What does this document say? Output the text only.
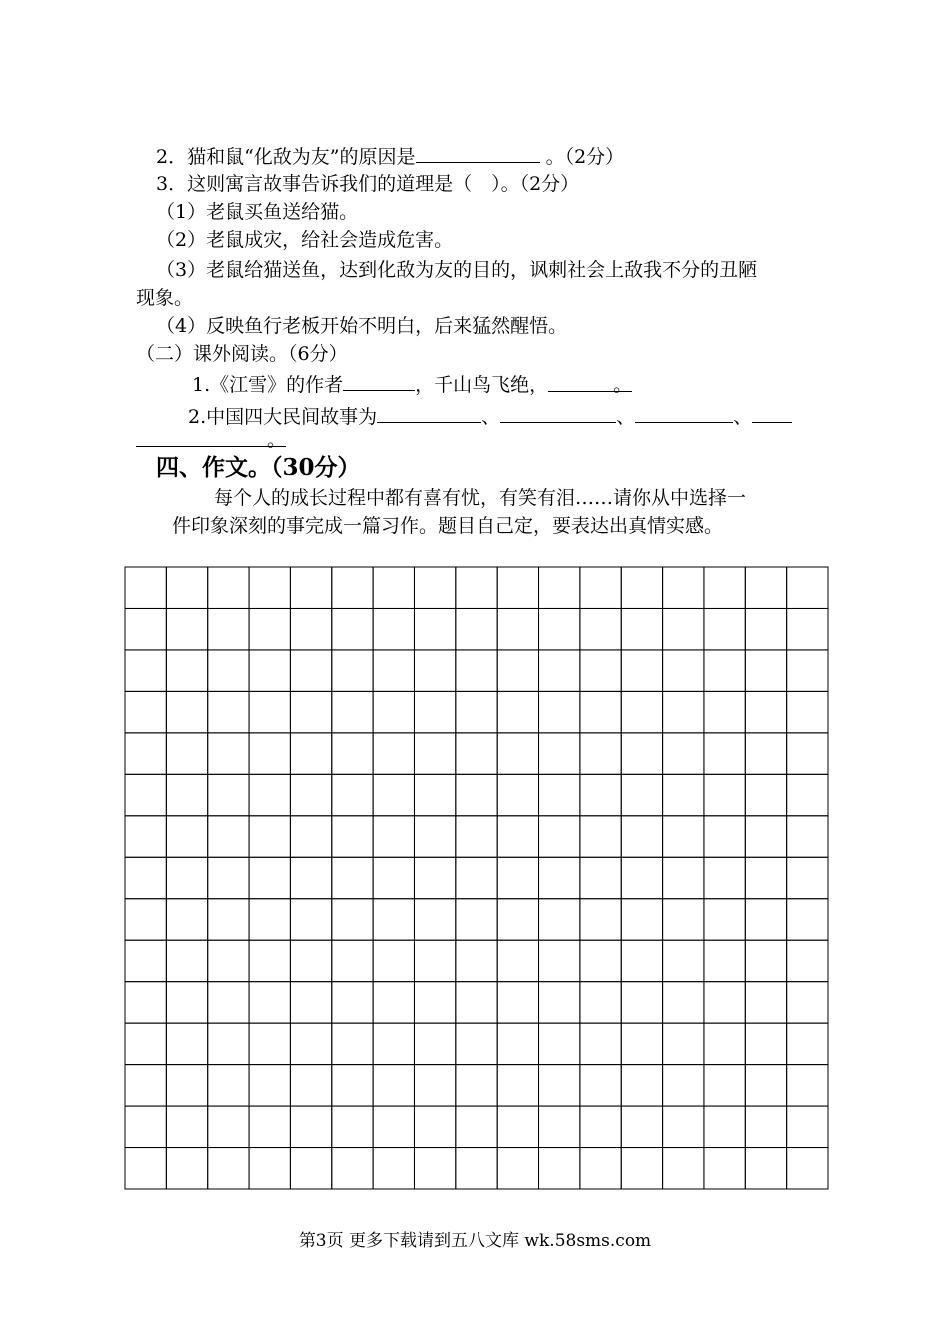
2．猫和鼠“化敌为友”的原因是	。（2分）
3．这则寓言故事告诉我们的道理是（　）。（2分）
（1）老鼠买鱼送给猫。
（2）老鼠成灾，给社会造成危害。
（3）老鼠给猫送鱼，达到化敌为友的目的，讽刺社会上敌我不分的丑陋
现象。
（4）反映鱼行老板开始不明白，后来猛然醒悟。
（二）课外阅读。（6分）
1.《江雪》的作者	，千山鸟飞绝，	。
2.中国四大民间故事为	、	、	、
。
四、作文。（30分）
每个人的成长过程中都有喜有忧，有笑有泪……请你从中选择一
件印象深刻的事完成一篇习作。题目自己定，要表达出真情实感。
第3页 更多下载请到五八文库 wk.58sms.com
